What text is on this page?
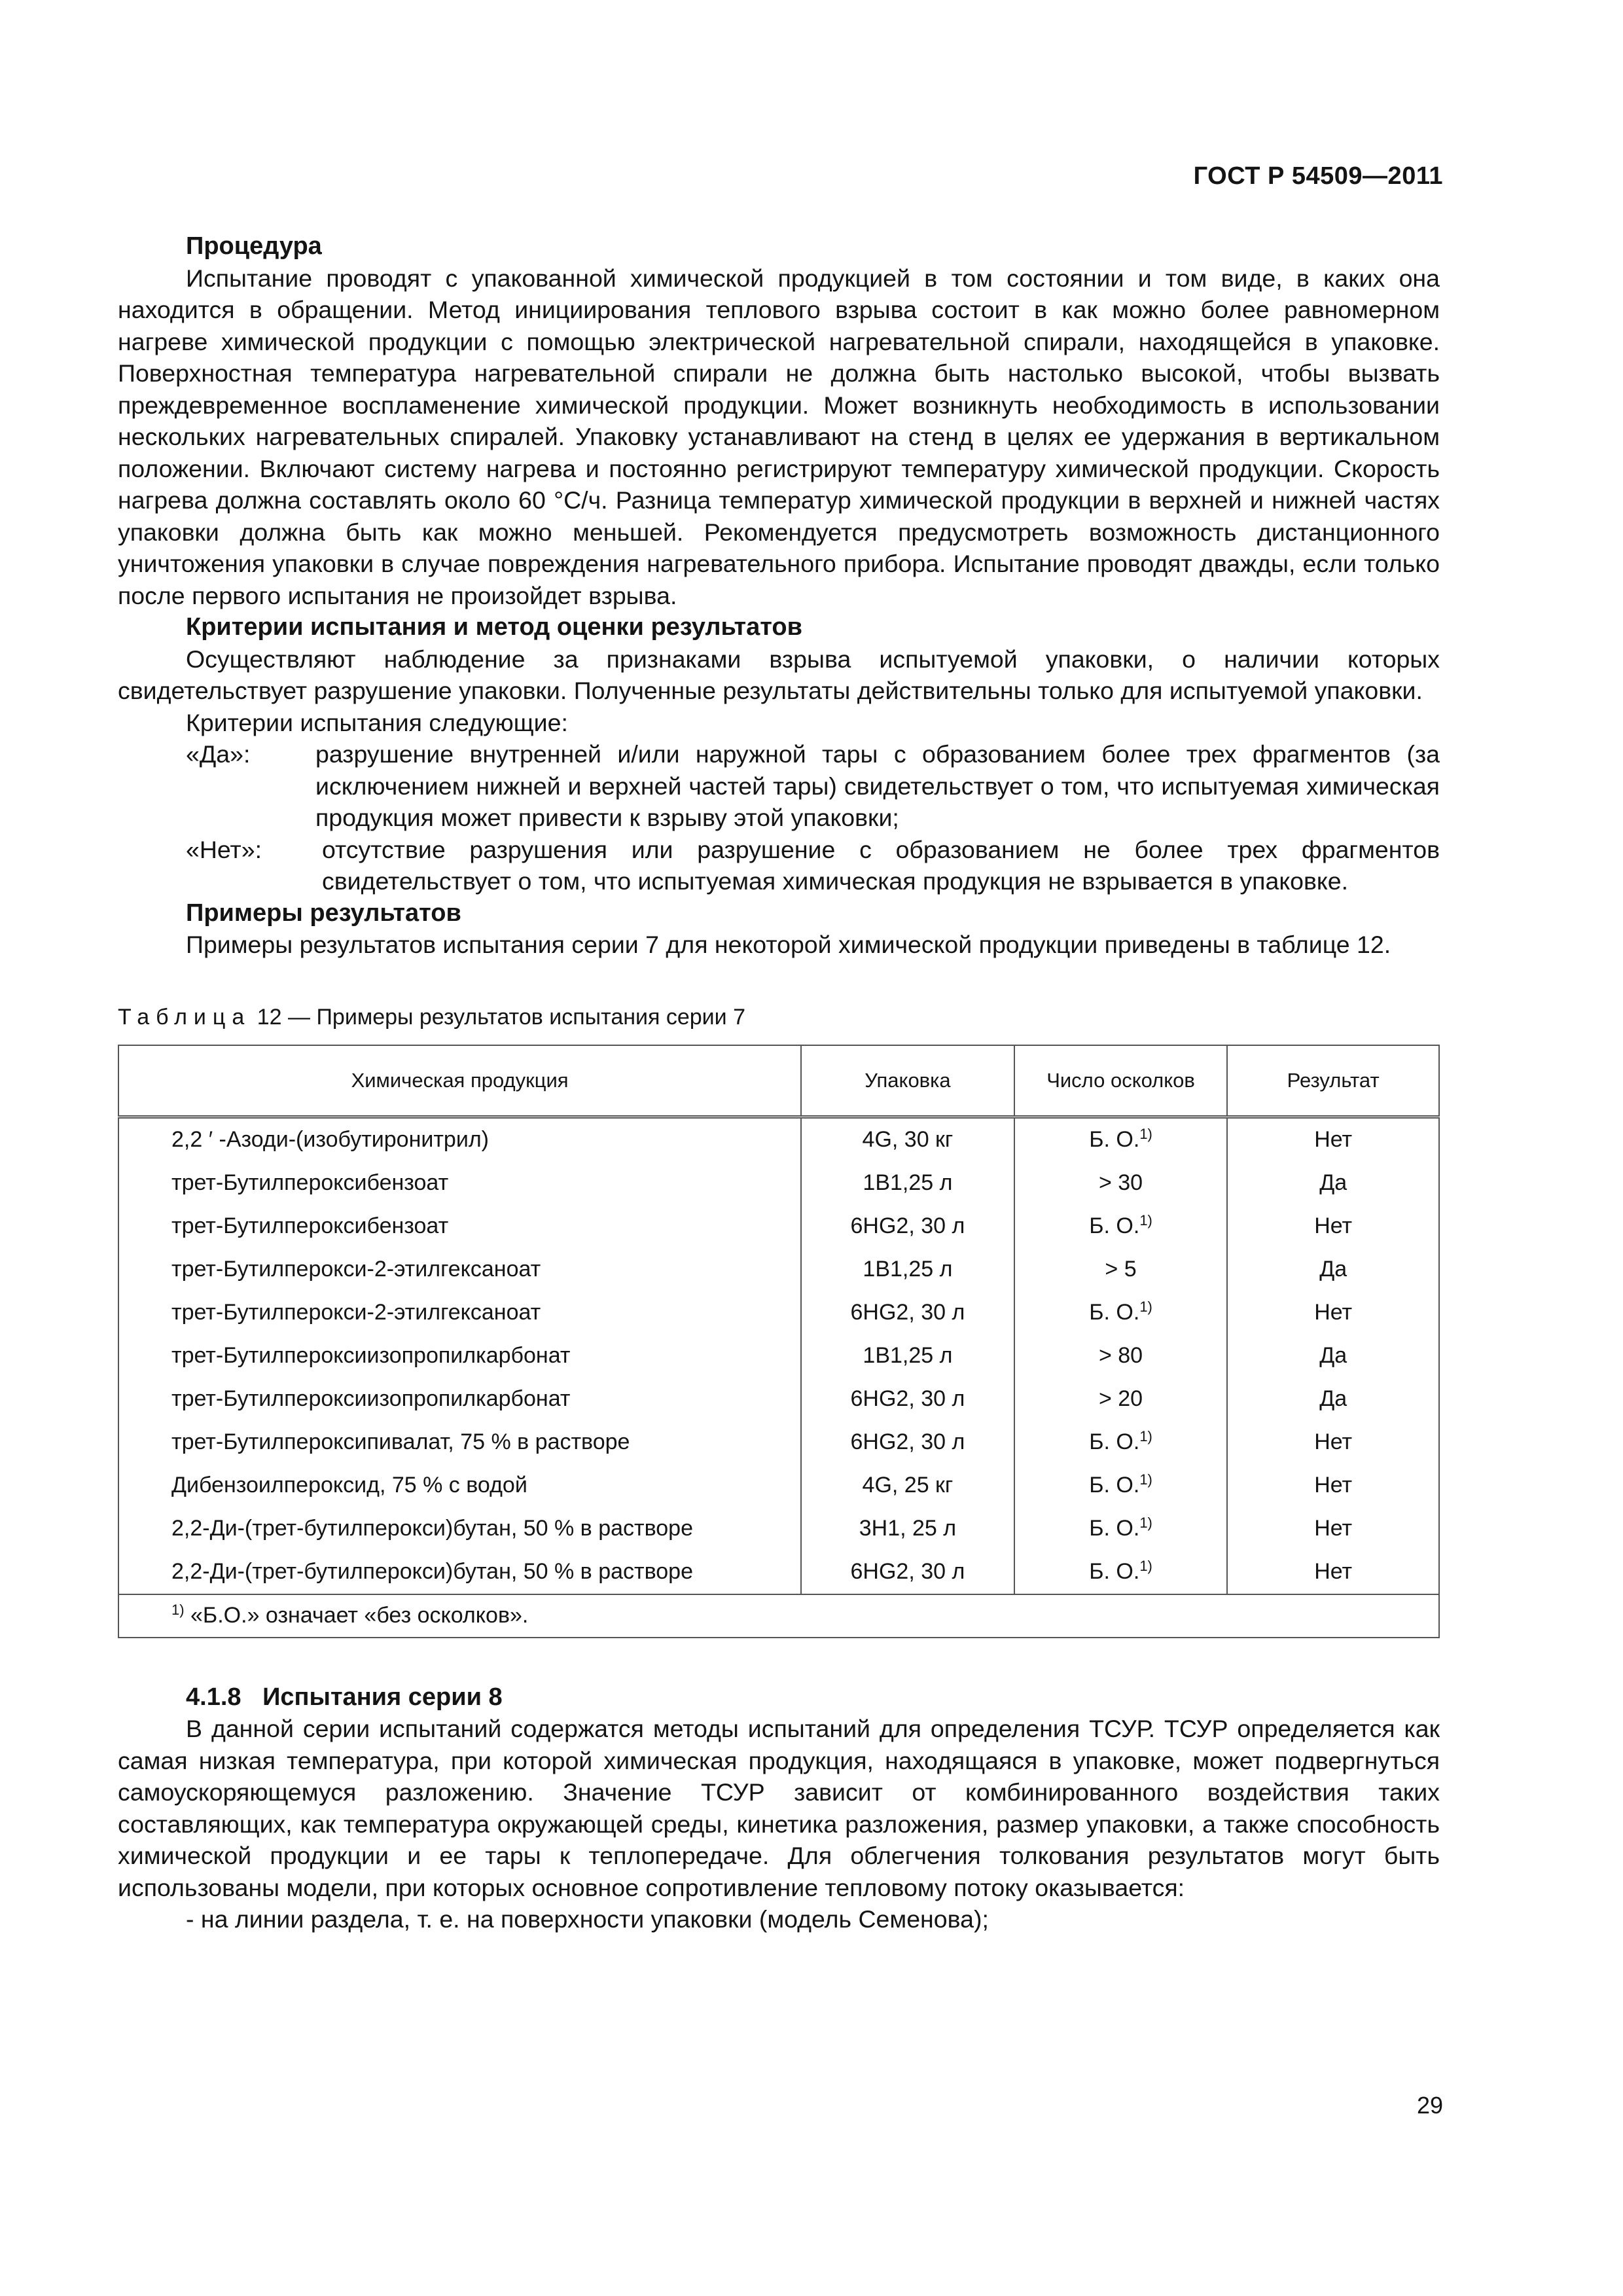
ГОСТ Р 54509—2011

Процедура

Испытание проводят с упакованной химической продукцией в том состоянии и том виде, в каких она находится в обращении. Метод инициирования теплового взрыва состоит в как можно более равномерном нагреве химической продукции с помощью электрической нагревательной спирали, находящейся в упаковке. Поверхностная температура нагревательной спирали не должна быть настолько высокой, чтобы вызвать преждевременное воспламенение химической продукции. Может возникнуть необходимость в использовании нескольких нагревательных спиралей. Упаковку устанавливают на стенд в целях ее удержания в вертикальном положении. Включают систему нагрева и постоянно регистрируют температуру химической продукции. Скорость нагрева должна составлять около 60 °С/ч. Разница температур химической продукции в верхней и нижней частях упаковки должна быть как можно меньшей. Рекомендуется предусмотреть возможность дистанционного уничтожения упаковки в случае повреждения нагревательного прибора. Испытание проводят дважды, если только после первого испытания не произойдет взрыва.

Критерии испытания и метод оценки результатов

Осуществляют наблюдение за признаками взрыва испытуемой упаковки, о наличии которых свидетельствует разрушение упаковки. Полученные результаты действительны только для испытуемой упаковки.

Критерии испытания следующие:

«Да»:	разрушение внутренней и/или наружной тары с образованием более трех фрагментов (за исключением нижней и верхней частей тары) свидетельствует о том, что испытуемая химическая продукция может привести к взрыву этой упаковки;
«Нет»:	отсутствие разрушения или разрушение с образованием не более трех фрагментов свидетельствует о том, что испытуемая химическая продукция не взрывается в упаковке.

Примеры результатов

Примеры результатов испытания серии 7 для некоторой химической продукции приведены в таблице 12.

Таблица 12 — Примеры результатов испытания серии 7
Химическая продукция	Упаковка	Число осколков	Результат
2,2 ′ -Азоди-(изобутиронитрил)	4G, 30 кг	Б. О.$^{1)}$	Нет
трет-Бутилпероксибензоат	1B1,25 л	> 30	Да
трет-Бутилпероксибензоат	6HG2, 30 л	Б. О.$^{1)}$	Нет
трет-Бутилперокси-2-этилгексаноат	1B1,25 л	> 5	Да
трет-Бутилперокси-2-этилгексаноат	6HG2, 30 л	Б. О.$^{1)}$	Нет
трет-Бутилпероксиизопропилкарбонат	1B1,25 л	> 80	Да
трет-Бутилпероксиизопропилкарбонат	6HG2, 30 л	> 20	Да
трет-Бутилпероксипивалат, 75 % в растворе	6HG2, 30 л	Б. О.$^{1)}$	Нет
Дибензоилпероксид, 75 % с водой	4G, 25 кг	Б. О.$^{1)}$	Нет
2,2-Ди-(трет-бутилперокси)бутан, 50 % в растворе	3H1, 25 л	Б. О.$^{1)}$	Нет
2,2-Ди-(трет-бутилперокси)бутан, 50 % в растворе	6HG2, 30 л	Б. О.$^{1)}$	Нет
$^{1)}$ «Б.О.» означает «без осколков».			
4.1.8 Испытания серии 8

В данной серии испытаний содержатся методы испытаний для определения ТСУР. ТСУР определяется как самая низкая температура, при которой химическая продукция, находящаяся в упаковке, может подвергнуться самоускоряющемуся разложению. Значение ТСУР зависит от комбинированного воздействия таких составляющих, как температура окружающей среды, кинетика разложения, размер упаковки, а также способность химической продукции и ее тары к теплопередаче. Для облегчения толкования результатов могут быть использованы модели, при которых основное сопротивление тепловому потоку оказывается:

- на линии раздела, т. е. на поверхности упаковки (модель Семенова);

29
